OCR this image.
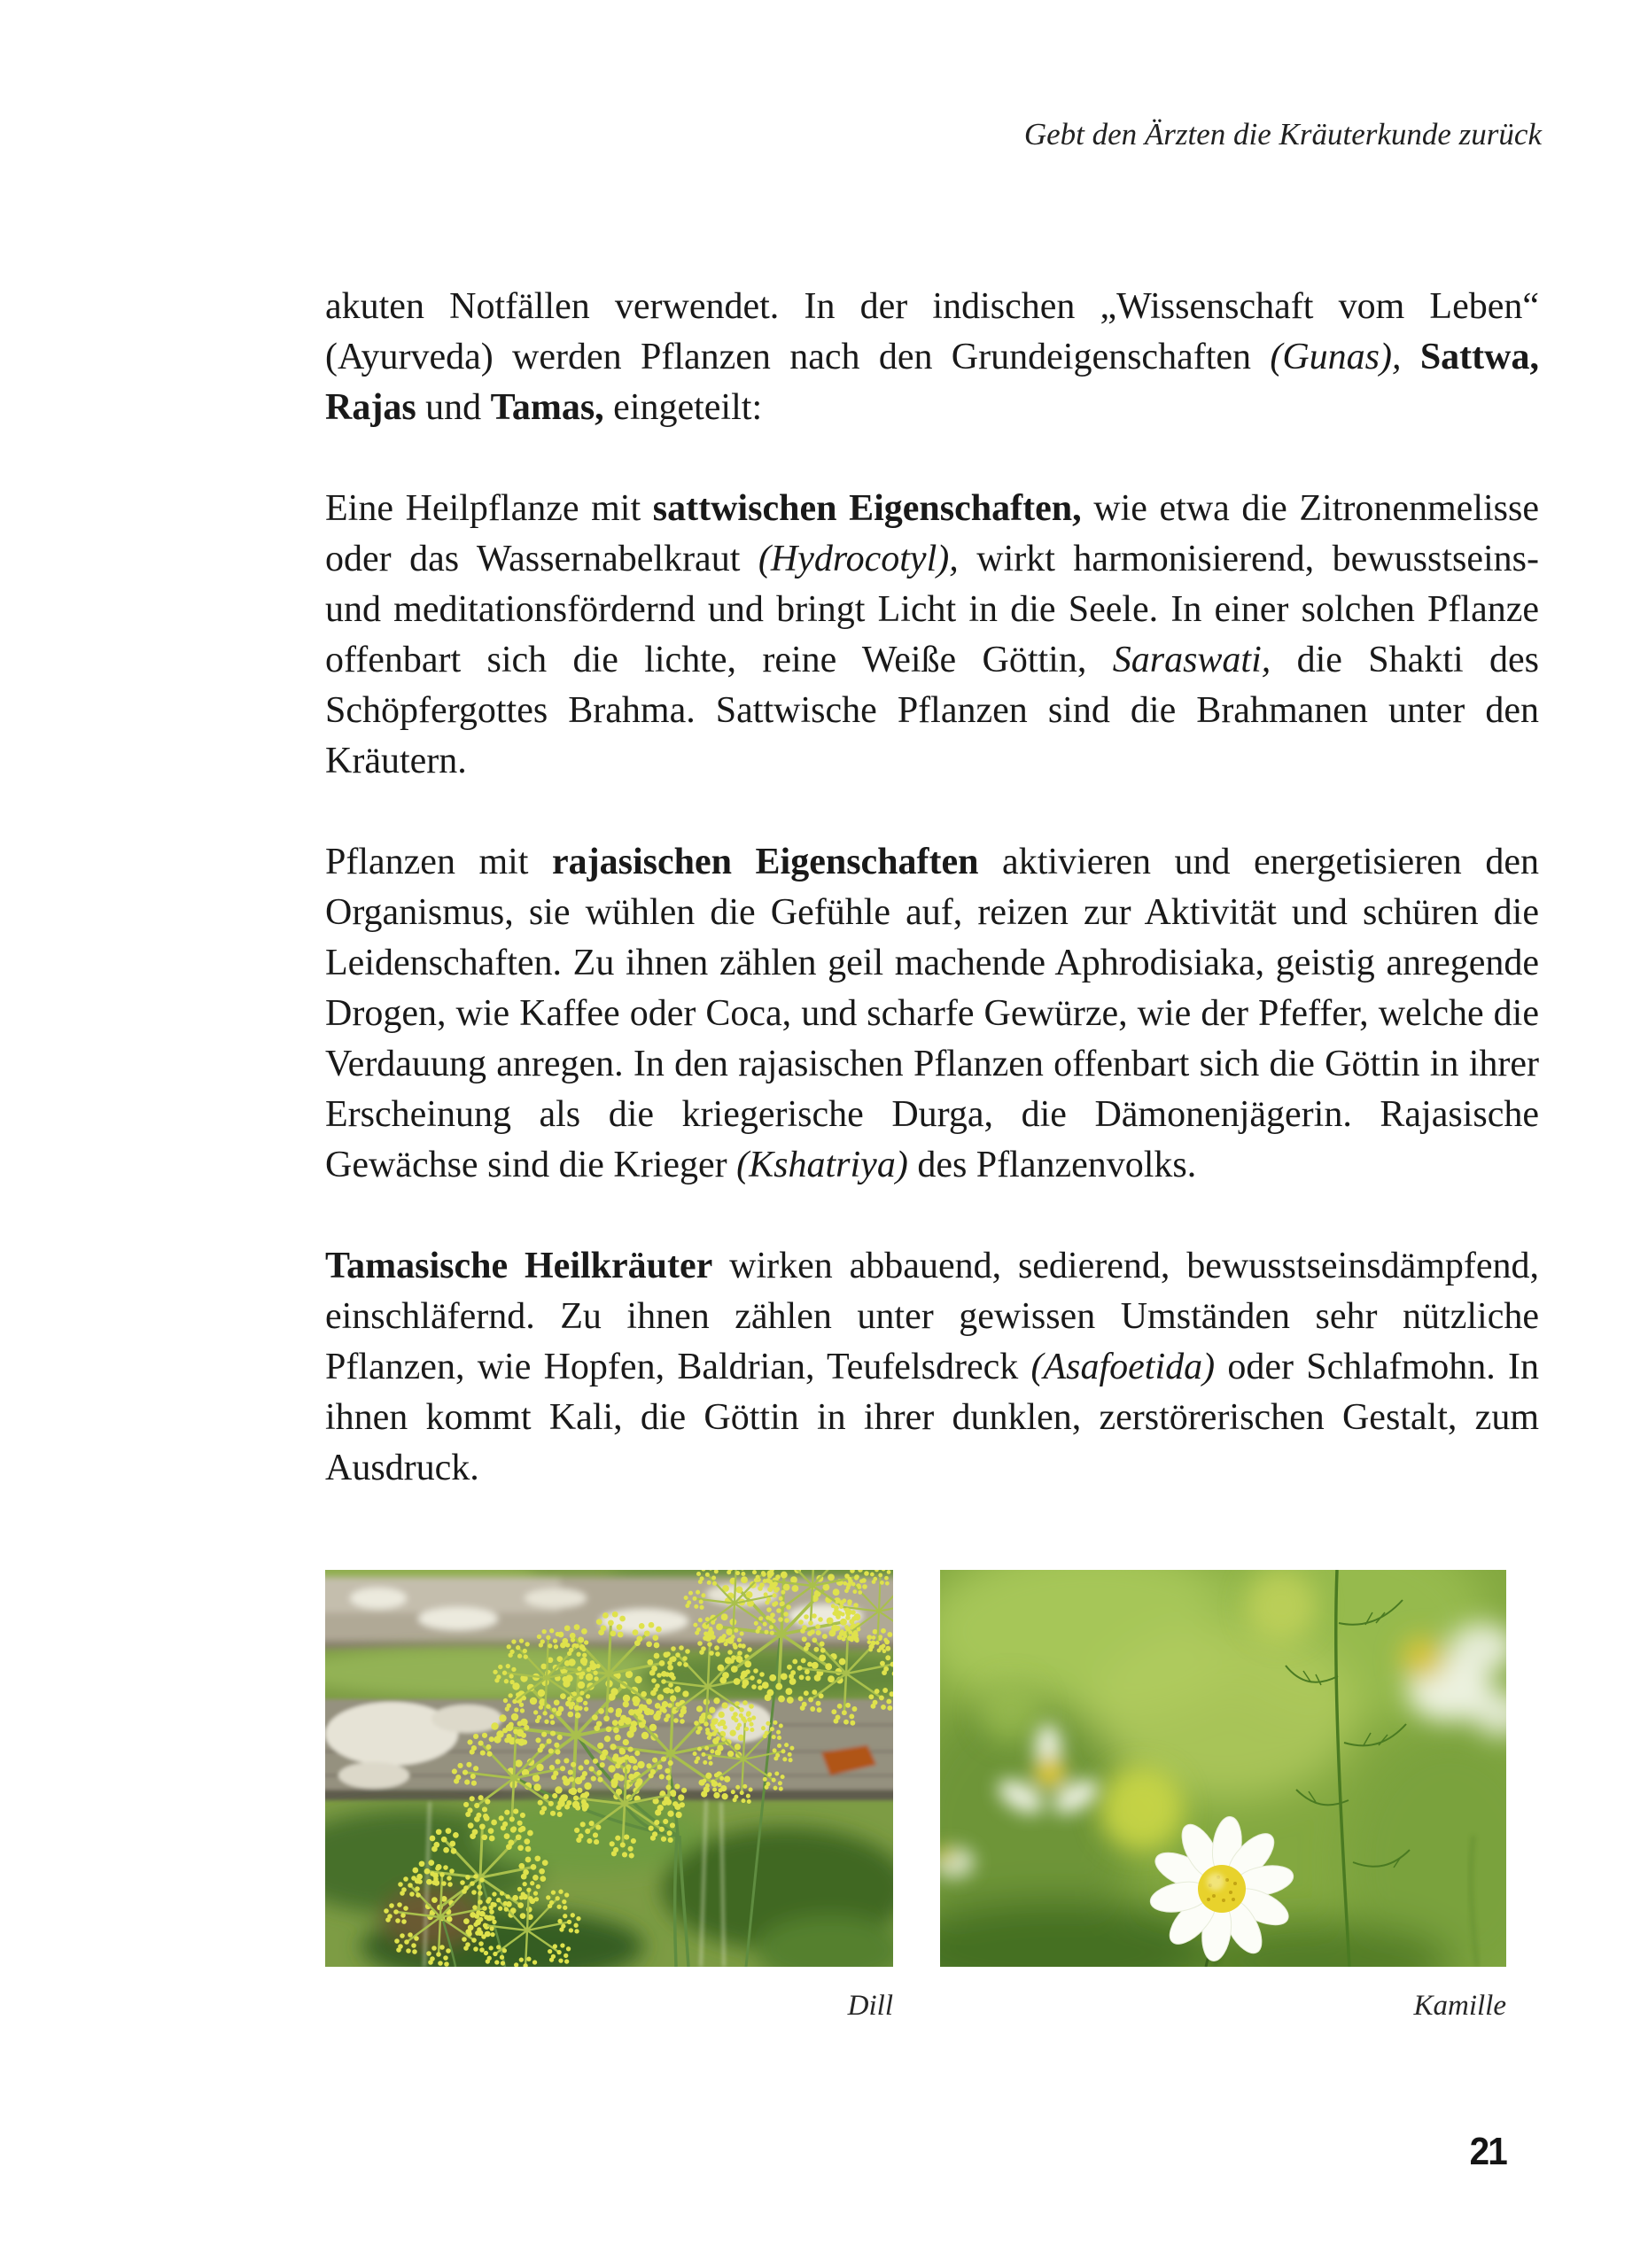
Gebt den Ärzten die Kräuterkunde zurück

akuten Notfällen verwendet. In der indischen „Wissenschaft vom Leben“ (Ayurveda) werden Pflanzen nach den Grundeigenschaften (Gunas), Sattwa, Rajas und Tamas, eingeteilt:

Eine Heilpflanze mit sattwischen Eigenschaften, wie etwa die Zitronenmelisse oder das Wassernabelkraut (Hydrocotyl), wirkt harmonisierend, bewusstseins- und meditationsfördernd und bringt Licht in die Seele. In einer solchen Pflanze offenbart sich die lichte, reine Weiße Göttin, Saraswati, die Shakti des Schöpfergottes Brahma. Sattwische Pflanzen sind die Brahmanen unter den Kräutern.

Pflanzen mit rajasischen Eigenschaften aktivieren und energetisieren den Organismus, sie wühlen die Gefühle auf, reizen zur Aktivität und schüren die Leidenschaften. Zu ihnen zählen geil machende Aphrodisiaka, geistig anregende Drogen, wie Kaffee oder Coca, und scharfe Gewürze, wie der Pfeffer, welche die Verdauung anregen. In den rajasischen Pflanzen offenbart sich die Göttin in ihrer Erscheinung als die kriegerische Durga, die Dämonenjägerin. Rajasische Gewächse sind die Krieger (Kshatriya) des Pflanzenvolks.

Tamasische Heilkräuter wirken abbauend, sedierend, bewusstseinsdämpfend, einschläfernd. Zu ihnen zählen unter gewissen Umständen sehr nützliche Pflanzen, wie Hopfen, Baldrian, Teufelsdreck (Asafoetida) oder Schlafmohn. In ihnen kommt Kali, die Göttin in ihrer dunklen, zerstörerischen Gestalt, zum Ausdruck.

Dill	Kamille
21
